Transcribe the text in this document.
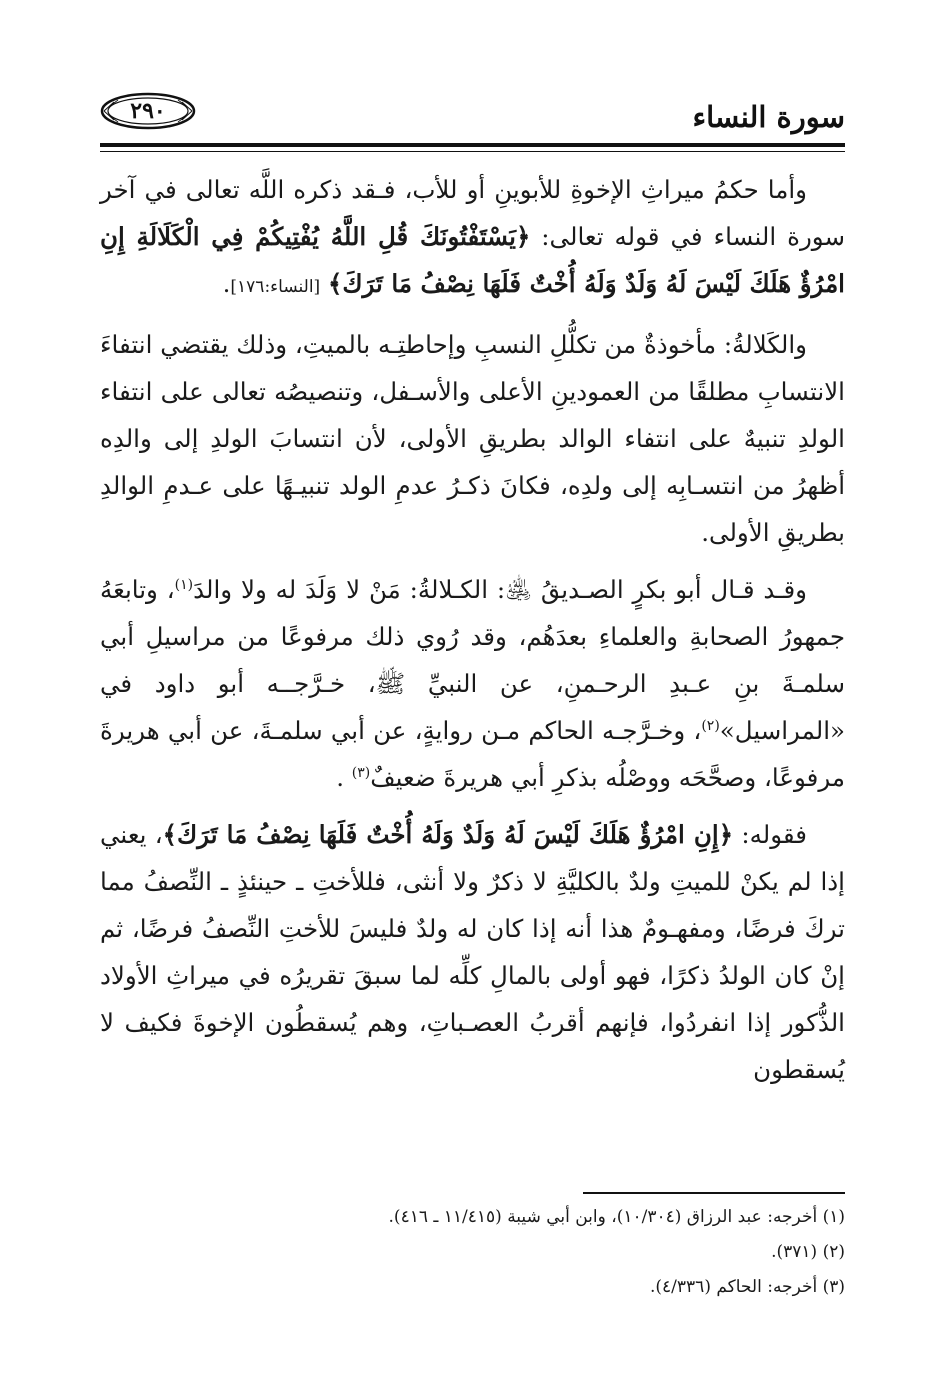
سورة النساء
٢٩٠

وأما حكمُ ميراثِ الإخوةِ للأبوينِ أو للأب، فـقد ذكره اللَّه تعالى في آخر سورة النساء في قوله تعالى: ﴿يَسْتَفْتُونَكَ قُلِ اللَّهُ يُفْتِيكُمْ فِي الْكَلَالَةِ إِنِ امْرُؤٌ هَلَكَ لَيْسَ لَهُ وَلَدٌ وَلَهُ أُخْتٌ فَلَهَا نِصْفُ مَا تَرَكَ﴾ [النساء:١٧٦].

والكَلالةُ: مأخوذةٌ من تكلُّلِ النسبِ وإحاطتِـه بالميتِ، وذلك يقتضي انتفاءَ الانتسابِ مطلقًا من العمودينِ الأعلى والأسـفل، وتنصيصُه تعالى على انتفاء الولدِ تنبيهٌ على انتفاء الوالد بطريقِ الأولى، لأن انتسابَ الولدِ إلى والدِه أظهرُ من انتسـابِه إلى ولدِه، فكانَ ذكـرُ عدمِ الولد تنبيـهًا على عـدمِ الوالدِ بطريقِ الأولى.

وقـد قـال أبو بكرٍ الصـديقُ ﵁: الكـلالةُ: مَنْ لا وَلَدَ له ولا والدَ$^{(١)}$، وتابعَهُ جمهورُ الصحابةِ والعلماءِ بعدَهُم، وقد رُوي ذلك مرفوعًا من مراسيلِ أبي سلمـةَ بنِ عـبدِ الرحـمنِ، عن النبيِّ ﷺ، خـرَّجــه أبو داود في «المراسيل»$^{(٢)}$، وخـرَّجـه الحاكم مـن روايةٍ، عن أبي سلمـةَ، عن أبي هريرةَ مرفوعًا، وصحَّحَه ووصْلُه بذكرِ أبي هريرةَ ضعيفٌ$^{(٣)}$ .

فقوله: ﴿إِنِ امْرُؤٌ هَلَكَ لَيْسَ لَهُ وَلَدٌ وَلَهُ أُخْتٌ فَلَهَا نِصْفُ مَا تَرَكَ﴾، يعني إذا لم يكنْ للميتِ ولدٌ بالكليَّةِ لا ذكرٌ ولا أنثى، فللأختِ ـ حينئذٍ ـ النِّصفُ مما تركَ فرضًا، ومفهـومٌ هذا أنه إذا كان له ولدٌ فليسَ للأختِ النِّصفُ فرضًا، ثم إنْ كان الولدُ ذكرًا، فهو أولى بالمالِ كلِّه لما سبقَ تقريرُه في ميراثِ الأولاد الذُّكور إذا انفردُوا، فإنهم أقربُ العصـباتِ، وهم يُسقطُون الإخوةَ فكيف لا يُسقطون

(١) أخرجه: عبد الرزاق (١٠/٣٠٤)، وابن أبي شيبة (١١/٤١٥ ـ ٤١٦).

(٢) (٣٧١).

(٣) أخرجه: الحاكم (٤/٣٣٦).
